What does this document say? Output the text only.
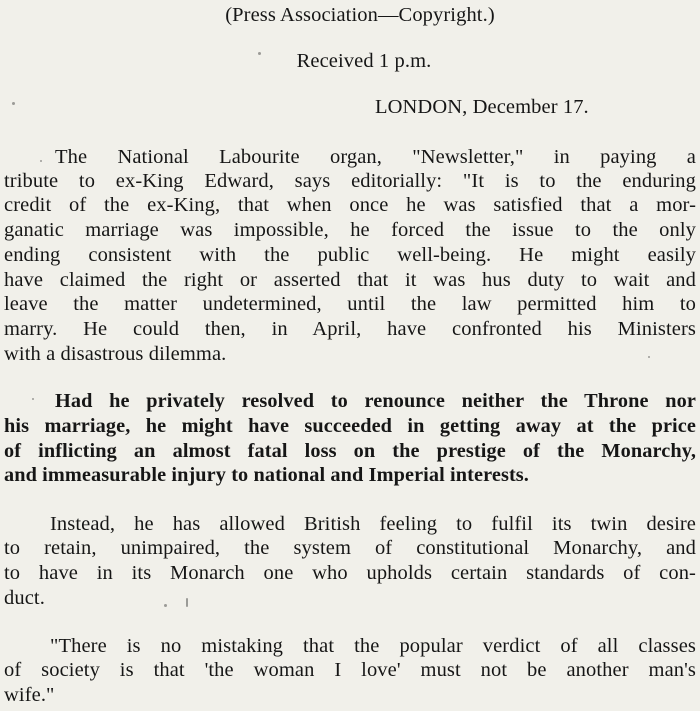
(Press Association—Copyright.)
Received 1 p.m.
LONDON, December 17.
The National Labourite organ, "Newsletter," in paying a
tribute to ex-King Edward, says editorially: "It is to the enduring
credit of the ex-King, that when once he was satisfied that a mor-
ganatic marriage was impossible, he forced the issue to the only
ending consistent with the public well-being. He might easily
have claimed the right or asserted that it was hus duty to wait and
leave the matter undetermined, until the law permitted him to
marry. He could then, in April, have confronted his Ministers
with a disastrous dilemma.
Had he privately resolved to renounce neither the Throne nor
his marriage, he might have succeeded in getting away at the price
of inflicting an almost fatal loss on the prestige of the Monarchy,
and immeasurable injury to national and Imperial interests.
Instead, he has allowed British feeling to fulfil its twin desire
to retain, unimpaired, the system of constitutional Monarchy, and
to have in its Monarch one who upholds certain standards of con-
duct.
"There is no mistaking that the popular verdict of all classes
of society is that 'the woman I love' must not be another man's
wife."
